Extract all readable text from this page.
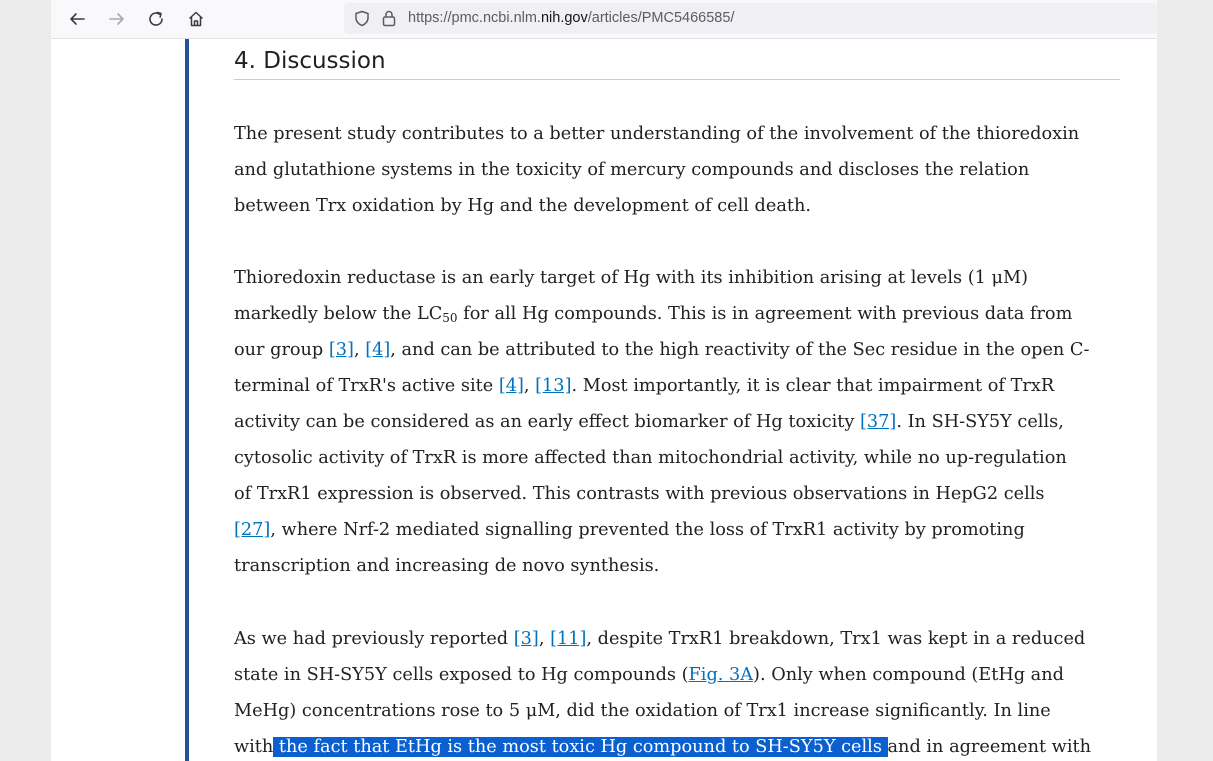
https://pmc.ncbi.nlm.nih.gov/articles/PMC5466585/
4. Discussion

The present study contributes to a better understanding of the involvement of the thioredoxin
and glutathione systems in the toxicity of mercury compounds and discloses the relation
between Trx oxidation by Hg and the development of cell death.

Thioredoxin reductase is an early target of Hg with its inhibition arising at levels (1 μM)
markedly below the $LC_{50}$ for all Hg compounds. This is in agreement with previous data from
our group [3], [4], and can be attributed to the high reactivity of the Sec residue in the open C-
terminal of TrxR's active site [4], [13]. Most importantly, it is clear that impairment of TrxR
activity can be considered as an early effect biomarker of Hg toxicity [37]. In SH-SY5Y cells,
cytosolic activity of TrxR is more affected than mitochondrial activity, while no up-regulation
of TrxR1 expression is observed. This contrasts with previous observations in HepG2 cells
[27], where Nrf-2 mediated signalling prevented the loss of TrxR1 activity by promoting
transcription and increasing de novo synthesis.

As we had previously reported [3], [11], despite TrxR1 breakdown, Trx1 was kept in a reduced
state in SH-SY5Y cells exposed to Hg compounds (Fig. 3A). Only when compound (EtHg and
MeHg) concentrations rose to 5 μM, did the oxidation of Trx1 increase significantly. In line
with the fact that EtHg is the most toxic Hg compound to SH-SY5Y cells and in agreement with
